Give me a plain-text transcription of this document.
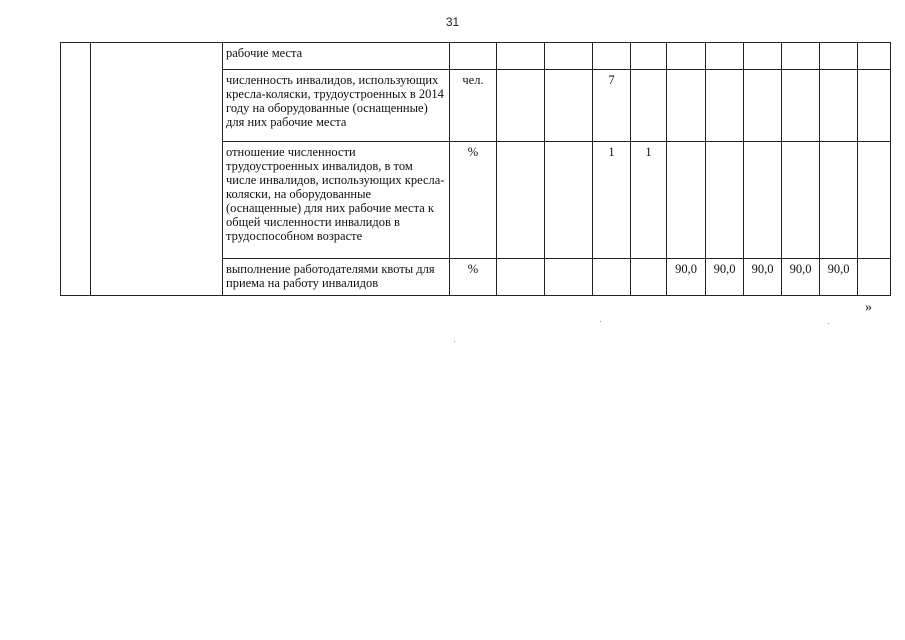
31
		рабочие места											
		численность инвалидов, использующих кресла-коляски, трудоустроенных в 2014 году на оборудованные (оснащенные) для них рабочие места	чел.			7							
		отношение численности трудоустроенных инвалидов, в том числе инвалидов, использующих кресла-коляски, на оборудованные (оснащенные) для них рабочие места к общей численности инвалидов в трудоспособном возрасте	%			1	1						
		выполнение работодателями квоты для приема на работу инвалидов	%					90,0	90,0	90,0	90,0	90,0	
»
